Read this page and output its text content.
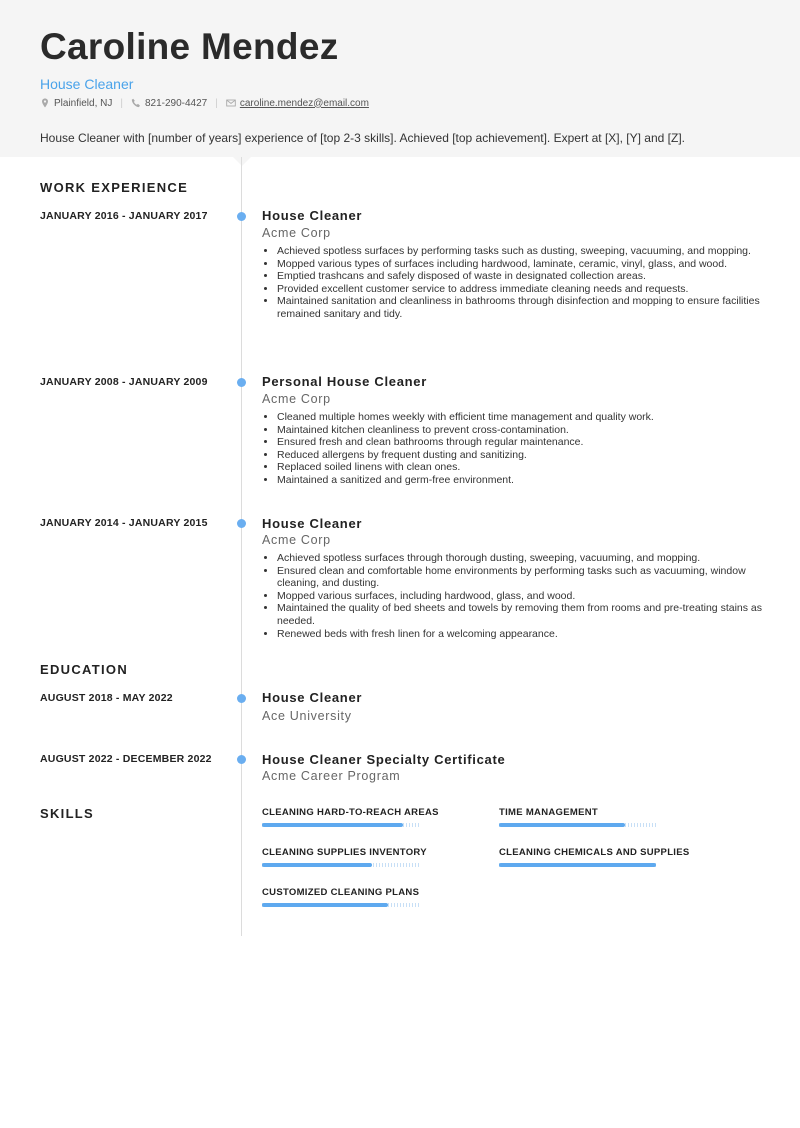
Caroline Mendez
House Cleaner
Plainfield, NJ | 821-290-4427 | caroline.mendez@email.com
House Cleaner with [number of years] experience of [top 2-3 skills]. Achieved [top achievement]. Expert at [X], [Y] and [Z].
WORK EXPERIENCE
JANUARY 2016 - JANUARY 2017	House Cleaner
Acme Corp
• Achieved spotless surfaces by performing tasks such as dusting, sweeping, vacuuming, and mopping.
• Mopped various types of surfaces including hardwood, laminate, ceramic, vinyl, glass, and wood.
• Emptied trashcans and safely disposed of waste in designated collection areas.
• Provided excellent customer service to address immediate cleaning needs and requests.
• Maintained sanitation and cleanliness in bathrooms through disinfection and mopping to ensure facilities remained sanitary and tidy.
JANUARY 2008 - JANUARY 2009	Personal House Cleaner
Acme Corp
• Cleaned multiple homes weekly with efficient time management and quality work.
• Maintained kitchen cleanliness to prevent cross-contamination.
• Ensured fresh and clean bathrooms through regular maintenance.
• Reduced allergens by frequent dusting and sanitizing.
• Replaced soiled linens with clean ones.
• Maintained a sanitized and germ-free environment.
JANUARY 2014 - JANUARY 2015	House Cleaner
Acme Corp
• Achieved spotless surfaces through thorough dusting, sweeping, vacuuming, and mopping.
• Ensured clean and comfortable home environments by performing tasks such as vacuuming, window cleaning, and dusting.
• Mopped various surfaces, including hardwood, glass, and wood.
• Maintained the quality of bed sheets and towels by removing them from rooms and pre-treating stains as needed.
• Renewed beds with fresh linen for a welcoming appearance.
EDUCATION
AUGUST 2018 - MAY 2022	House Cleaner
Ace University
AUGUST 2022 - DECEMBER 2022	House Cleaner Specialty Certificate
Acme Career Program
SKILLS	CLEANING HARD-TO-REACH AREAS	TIME MANAGEMENT
CLEANING SUPPLIES INVENTORY	CLEANING CHEMICALS AND SUPPLIES
CUSTOMIZED CLEANING PLANS
